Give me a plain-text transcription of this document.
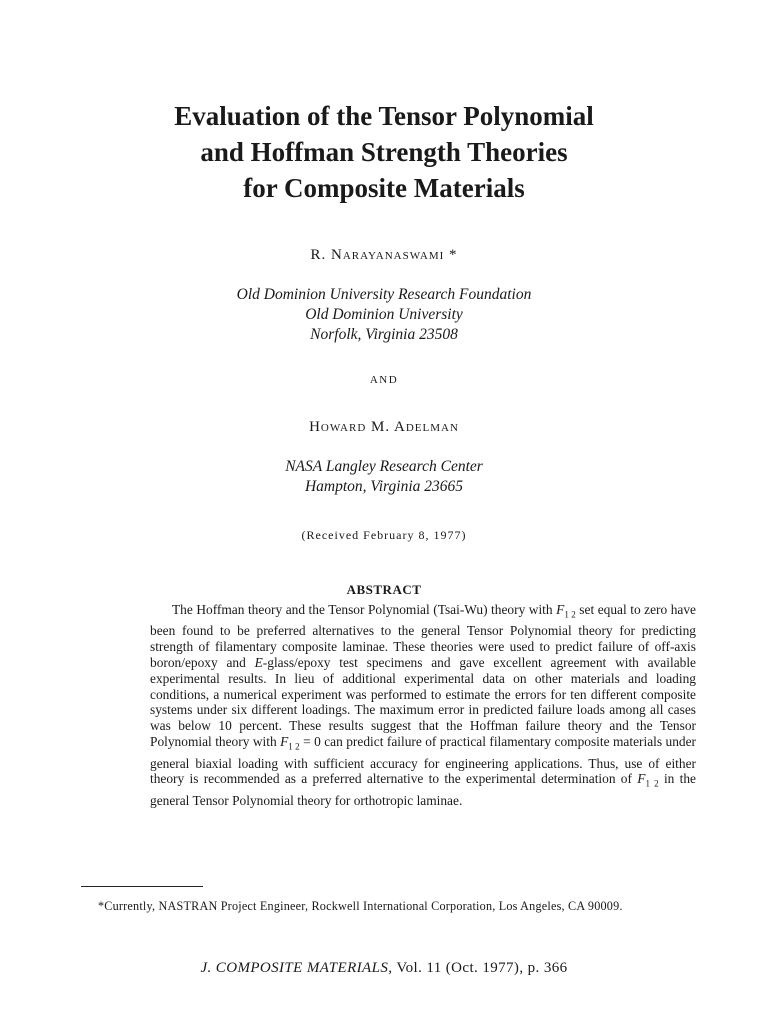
Evaluation of the Tensor Polynomial
and Hoffman Strength Theories
for Composite Materials
R. Narayanaswami *
Old Dominion University Research Foundation
Old Dominion University
Norfolk, Virginia 23508
AND
Howard M. Adelman
NASA Langley Research Center
Hampton, Virginia 23665
(Received February 8, 1977)
ABSTRACT

The Hoffman theory and the Tensor Polynomial (Tsai-Wu) theory with $F_{1 2}$ set equal to zero have been found to be preferred alternatives to the general Tensor Polynomial theory for predicting strength of filamentary composite laminae. These theories were used to predict failure of off-axis boron/epoxy and E-glass/epoxy test specimens and gave excellent agreement with available experimental results. In lieu of additional experimental data on other materials and loading conditions, a numerical experiment was performed to estimate the errors for ten different composite systems under six different loadings. The maximum error in predicted failure loads among all cases was below 10 percent. These results suggest that the Hoffman failure theory and the Tensor Polynomial theory with $F_{1 2} = 0$ can predict failure of practical filamentary composite materials under general biaxial loading with sufficient accuracy for engineering applications. Thus, use of either theory is recommended as a preferred alternative to the experimental determination of $F_{1 2}$ in the general Tensor Polynomial theory for orthotropic laminae.

*Currently, NASTRAN Project Engineer, Rockwell International Corporation, Los Angeles, CA 90009.

J. COMPOSITE MATERIALS, Vol. 11 (Oct. 1977), p. 366
